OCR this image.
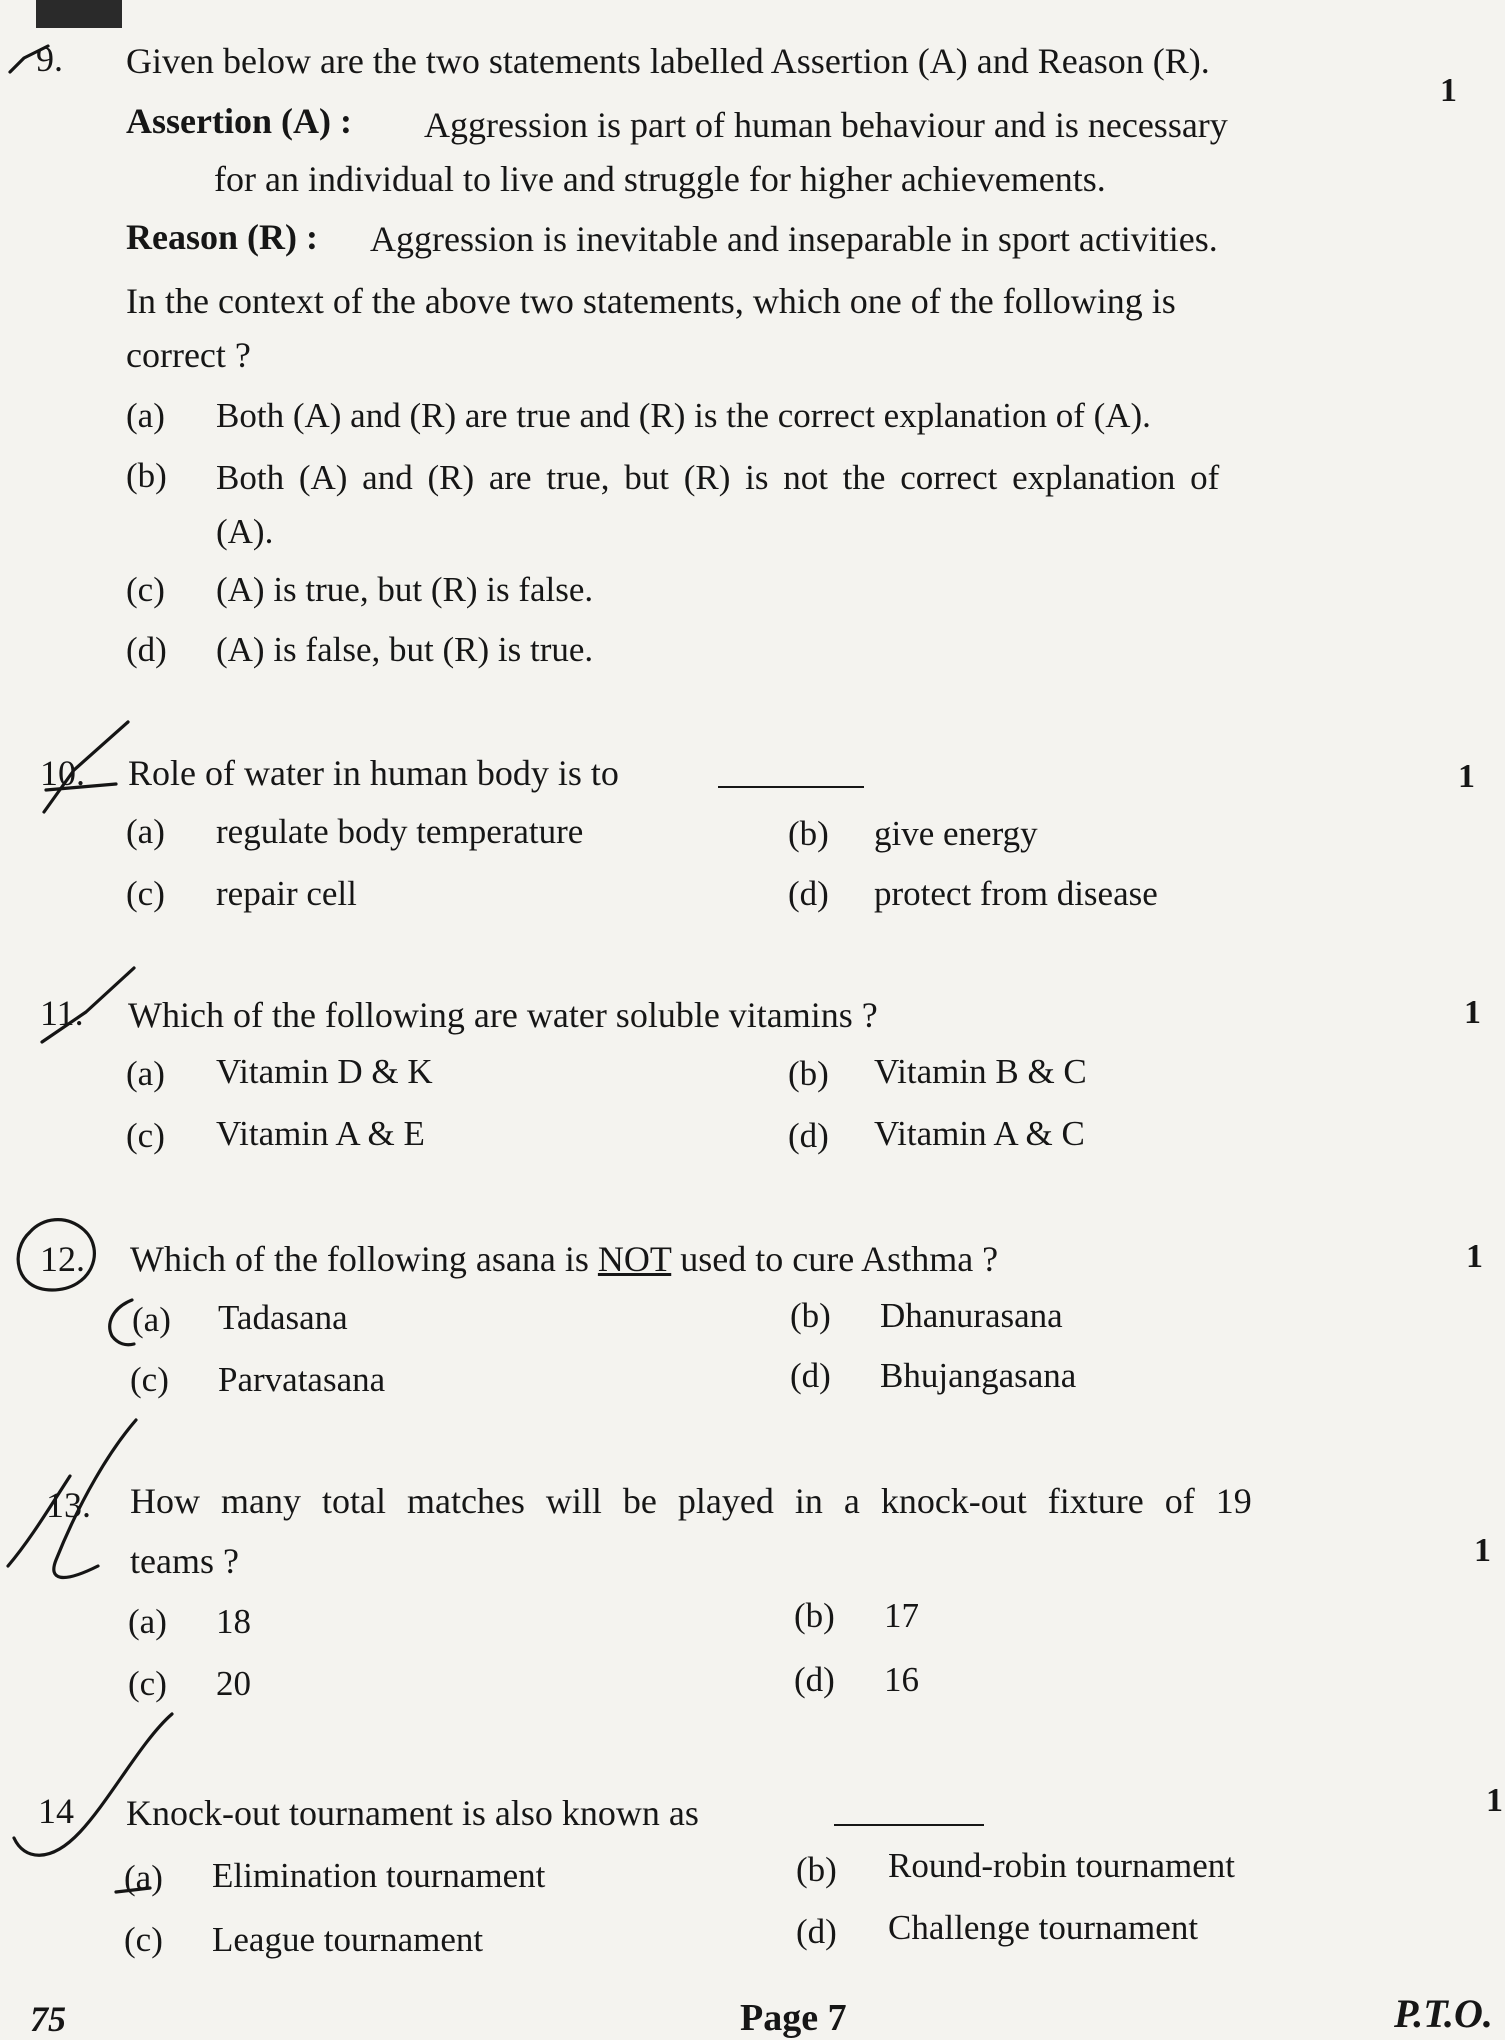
9. Given below are the two statements labelled Assertion (A) and Reason (R).
1
Assertion (A) : Aggression is part of human behaviour and is necessary
for an individual to live and struggle for higher achievements.
Reason (R) : Aggression is inevitable and inseparable in sport activities.
In the context of the above two statements, which one of the following is
correct ?
(a) Both (A) and (R) are true and (R) is the correct explanation of (A).
(b) Both (A) and (R) are true, but (R) is not the correct explanation of
(A).
(c) (A) is true, but (R) is false.
(d) (A) is false, but (R) is true.
10. Role of water in human body is to	1
(a) regulate body temperature	(b) give energy
(c) repair cell	(d) protect from disease
11. Which of the following are water soluble vitamins ?	1
(a) Vitamin D & K	(b) Vitamin B & C
(c) Vitamin A & E	(d) Vitamin A & C
12. Which of the following asana is NOT used to cure Asthma ?	1
(a) Tadasana	(b) Dhanurasana
(c) Parvatasana	(d) Bhujangasana
13. How many total matches will be played in a knock-out fixture of 19
teams ?	1
(a) 18	(b) 17
(c) 20	(d) 16
14 Knock-out tournament is also known as	1
(a) Elimination tournament	(b) Round-robin tournament
(c) League tournament	(d) Challenge tournament
75	Page 7	P.T.O.
